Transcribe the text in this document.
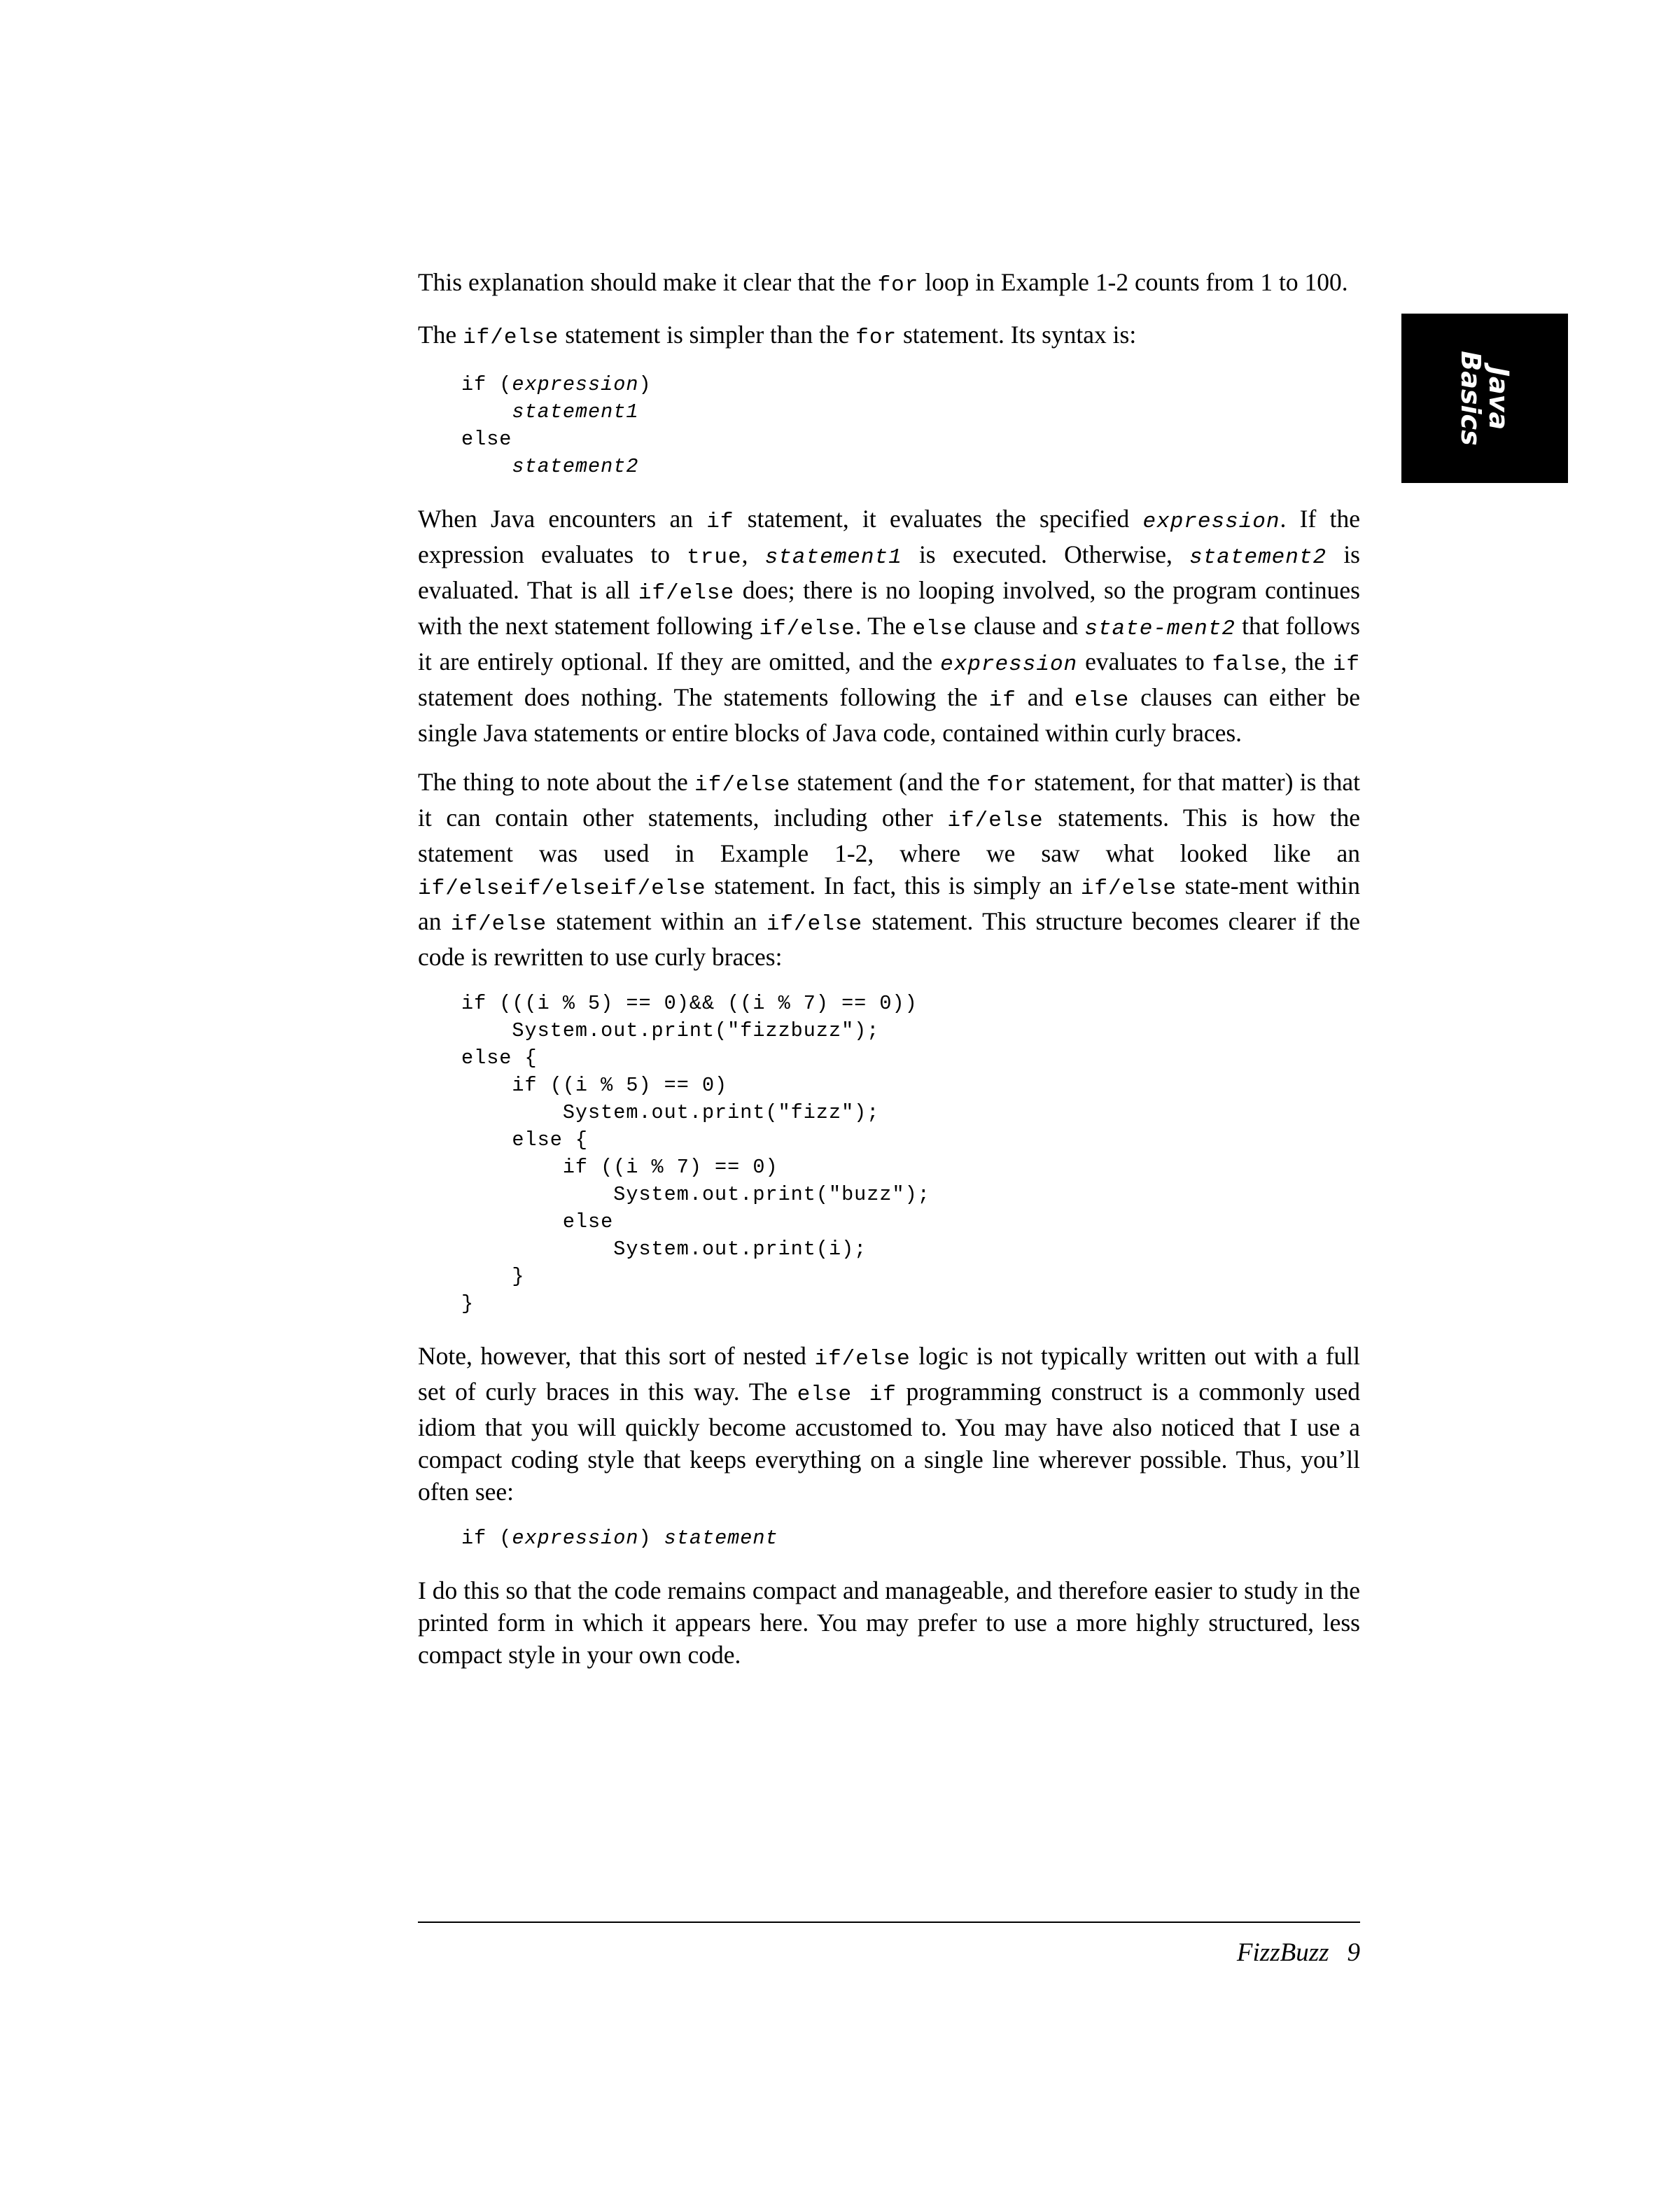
This explanation should make it clear that the for loop in Example 1-2 counts from 1 to 100.

The if/else statement is simpler than the for statement. Its syntax is:

if (expression)
statement1
else
statement2

When Java encounters an if statement, it evaluates the specified expression. If the expression evaluates to true, statement1 is executed. Otherwise, statement2 is evaluated. That is all if/else does; there is no looping involved, so the program continues with the next statement following if/else. The else clause and state-ment2 that follows it are entirely optional. If they are omitted, and the expression evaluates to false, the if statement does nothing. The statements following the if and else clauses can either be single Java statements or entire blocks of Java code, contained within curly braces.

The thing to note about the if/else statement (and the for statement, for that matter) is that it can contain other statements, including other if/else statements. This is how the statement was used in Example 1-2, where we saw what looked like an if/elseif/elseif/else statement. In fact, this is simply an if/else state-ment within an if/else statement within an if/else statement. This structure becomes clearer if the code is rewritten to use curly braces:

if (((i % 5) == 0)&& ((i % 7) == 0))
System.out.print("fizzbuzz");
else {
if ((i % 5) == 0)
System.out.print("fizz");
else {
if ((i % 7) == 0)
System.out.print("buzz");
else
System.out.print(i);
}
}

Note, however, that this sort of nested if/else logic is not typically written out with a full set of curly braces in this way. The else if programming construct is a commonly used idiom that you will quickly become accustomed to. You may have also noticed that I use a compact coding style that keeps everything on a single line wherever possible. Thus, you’ll often see:

if (expression) statement

I do this so that the code remains compact and manageable, and therefore easier to study in the printed form in which it appears here. You may prefer to use a more highly structured, less compact style in your own code.

Java
Basics
FizzBuzz 9
